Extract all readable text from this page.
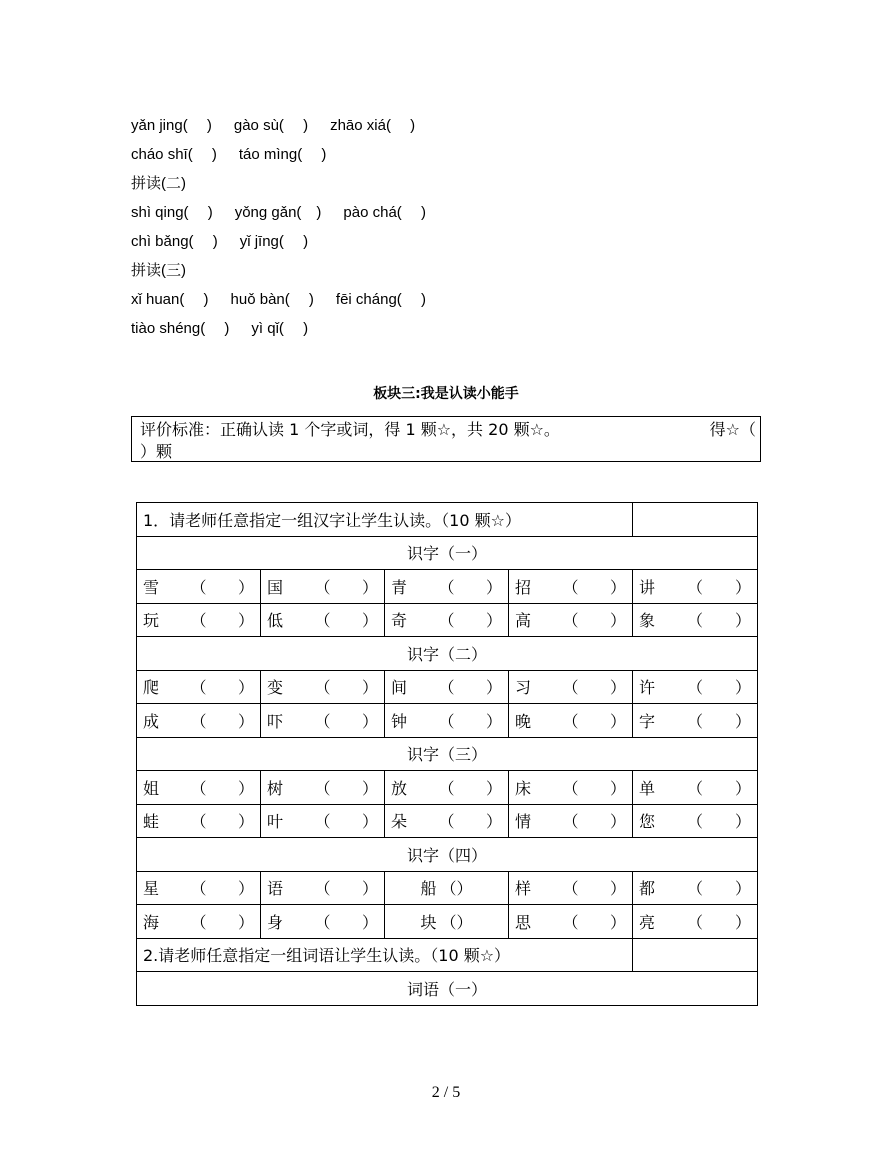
yǎn jing(　 ) gào sù(　 ) zhāo xiá(　 )
cháo shī(　 ) táo mìng(　 )
拼读(二)
shì qing(　 ) yǒng gǎn(　) pào chá(　 )
chì bǎng(　 ) yǐ jīng(　 )
拼读(三)
xǐ huan(　 ) huǒ bàn(　 ) fēi cháng(　 )
tiào shéng(　 ) yì qǐ(　 )
板块三:我是认读小能手
评价标准：正确认读 1 个字或词，得 1 颗☆，共 20 颗☆。	得☆（
）颗
1．请老师任意指定一组汉字让学生认读。（10 颗☆）				
识字（一）				

雪 （ ）	国 （ ）	青 （ ）	招 （ ）	讲 （ ）

玩 （ ）	低 （ ）	奇 （ ）	高 （ ）	象 （ ）

识字（二）				

爬 （ ）	变 （ ）	间 （ ）	习 （ ）	许 （ ）

成 （ ）	吓 （ ）	钟 （ ）	晚 （ ）	字 （ ）

识字（三）				

姐 （ ）	树 （ ）	放 （ ）	床 （ ）	单 （ ）

蛙 （ ）	叶 （ ）	朵 （ ）	情 （ ）	您 （ ）

识字（四）				

星 （ ）	语 （ ）	船 （）	样 （ ）	都 （ ）

海 （ ）	身 （ ）	块 （）	思 （ ）	亮 （ ）

2.请老师任意指定一组词语让学生认读。（10 颗☆）				
词语（一）				
2 / 5
